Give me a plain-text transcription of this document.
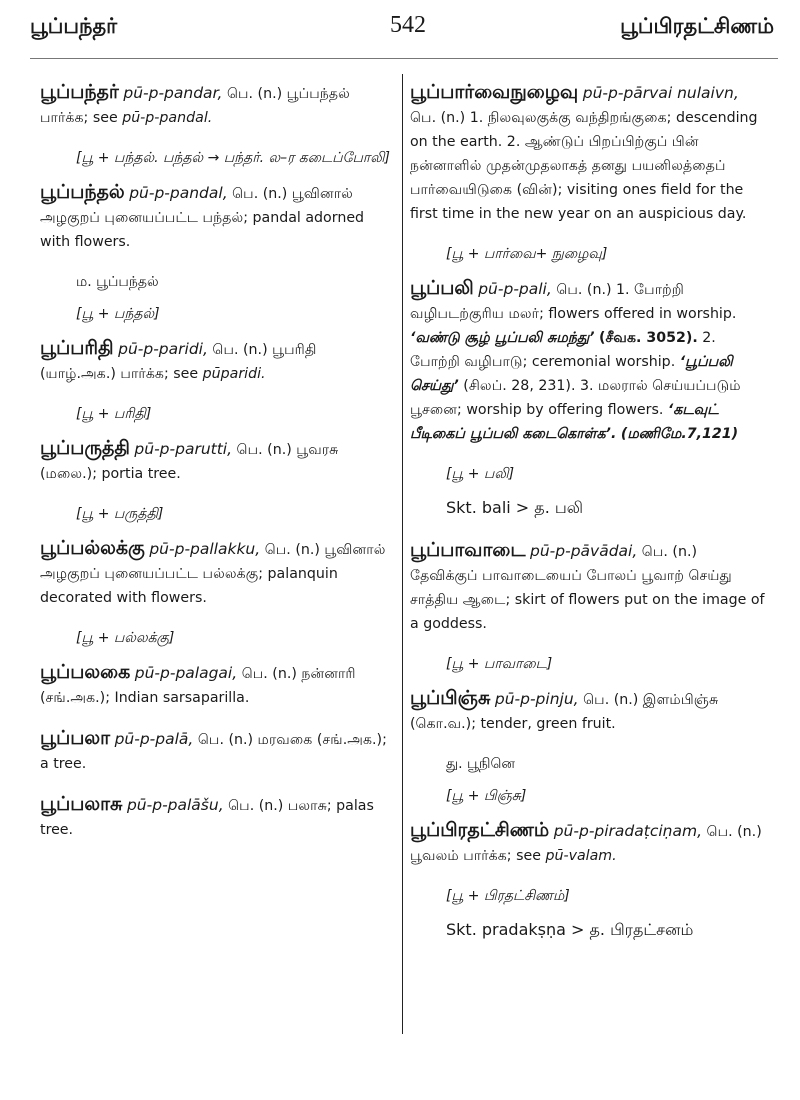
பூப்பந்தர்	542	பூப்பிரதட்சிணம்
பூப்பந்தர் pū-p-pandar, பெ. (n.) பூப்பந்தல் பார்க்க; see pū-p-pandal.
[பூ + பந்தல். பந்தல் → பந்தர். ல–ர கடைப்போலி]
பூப்பந்தல் pū-p-pandal, பெ. (n.) பூவினால் அழகுறப் புனையப்பட்ட பந்தல்; pandal adorned with flowers.
ம. பூப்பந்தல்
[பூ + பந்தல்]
பூப்பரிதி pū-p-paridi, பெ. (n.) பூபரிதி (யாழ்.அக.) பார்க்க; see pūparidi.
[பூ + பரிதி]
பூப்பருத்தி pū-p-parutti, பெ. (n.) பூவரசு (மலை.); portia tree.
[பூ + பருத்தி]
பூப்பல்லக்கு pū-p-pallakku, பெ. (n.) பூவினால் அழகுறப் புனையப்பட்ட பல்லக்கு; palanquin decorated with flowers.
[பூ + பல்லக்கு]
பூப்பலகை pū-p-palagai, பெ. (n.) நன்னாரி (சங்.அக.); Indian sarsaparilla.
பூப்பலா pū-p-palā, பெ. (n.) மரவகை (சங்.அக.); a tree.
பூப்பலாசு pū-p-palāšu, பெ. (n.) பலாசு; palas tree.
பூப்பார்வைநுழைவு pū-p-pārvai nulaivn, பெ. (n.) 1. நிலவுலகுக்கு வந்திறங்குகை; descending on the earth. 2. ஆண்டுப் பிறப்பிற்குப் பின் நன்னாளில் முதன்முதலாகத் தனது பயனிலத்தைப் பார்வையிடுகை (வின்); visiting ones field for the first time in the new year on an auspicious day.
[பூ + பார்வை+ நுழைவு]
பூப்பலி pū-p-pali, பெ. (n.) 1. போற்றி வழிபடற்குரிய மலர்; flowers offered in worship. ‘வண்டு சூழ் பூப்பலி சுமந்து’ (சீவக. 3052). 2. போற்றி வழிபாடு; ceremonial worship. ‘பூப்பலி செய்து’ (சிலப். 28, 231). 3. மலரால் செய்யப்படும் பூசனை; worship by offering flowers. ‘கடவுட் பீடிகைப் பூப்பலி கடைகொள்க’. (மணிமே.7,121)
[பூ + பலி]
Skt. bali > த. பலி
பூப்பாவாடை pū-p-pāvādai, பெ. (n.) தேவிக்குப் பாவாடையைப் போலப் பூவாற் செய்து சாத்திய ஆடை; skirt of flowers put on the image of a goddess.
[பூ + பாவாடை]
பூப்பிஞ்சு pū-p-pinju, பெ. (n.) இளம்பிஞ்சு (கொ.வ.); tender, green fruit.
து. பூநினெ
[பூ + பிஞ்சு]
பூப்பிரதட்சிணம் pū-p-piradaṭciṇam, பெ. (n.) பூவலம் பார்க்க; see pū-valam.
[பூ + பிரதட்சிணம்]
Skt. pradakṣṇa > த. பிரதட்சனம்
